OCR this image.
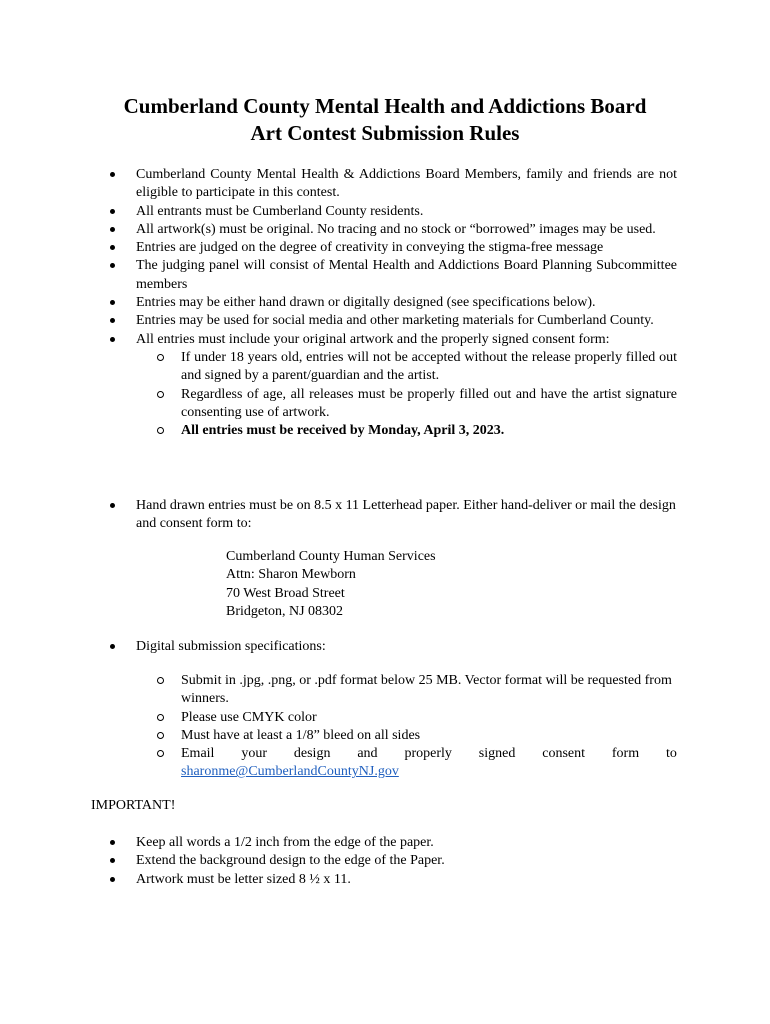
Cumberland County Mental Health and Addictions Board
Art Contest Submission Rules
Cumberland County Mental Health & Addictions Board Members, family and friends are not eligible to participate in this contest.
All entrants must be Cumberland County residents.
All artwork(s) must be original. No tracing and no stock or “borrowed” images may be used.
Entries are judged on the degree of creativity in conveying the stigma-free message
The judging panel will consist of Mental Health and Addictions Board Planning Subcommittee members
Entries may be either hand drawn or digitally designed (see specifications below).
Entries may be used for social media and other marketing materials for Cumberland County.
All entries must include your original artwork and the properly signed consent form:
If under 18 years old, entries will not be accepted without the release properly filled out and signed by a parent/guardian and the artist.
Regardless of age, all releases must be properly filled out and have the artist signature consenting use of artwork.
All entries must be received by Monday, April 3, 2023.
Hand drawn entries must be on 8.5 x 11 Letterhead paper. Either hand-deliver or mail the design and consent form to:
Cumberland County Human Services
Attn: Sharon Mewborn
70 West Broad Street
Bridgeton, NJ 08302
Digital submission specifications:
Submit in .jpg, .png, or .pdf format below 25 MB. Vector format will be requested from winners.
Please use CMYK color
Must have at least a 1/8” bleed on all sides
Email your design and properly signed consent form to
sharonme@CumberlandCountyNJ.gov
IMPORTANT!
Keep all words a 1/2 inch from the edge of the paper.
Extend the background design to the edge of the Paper.
Artwork must be letter sized 8 ½ x 11.
